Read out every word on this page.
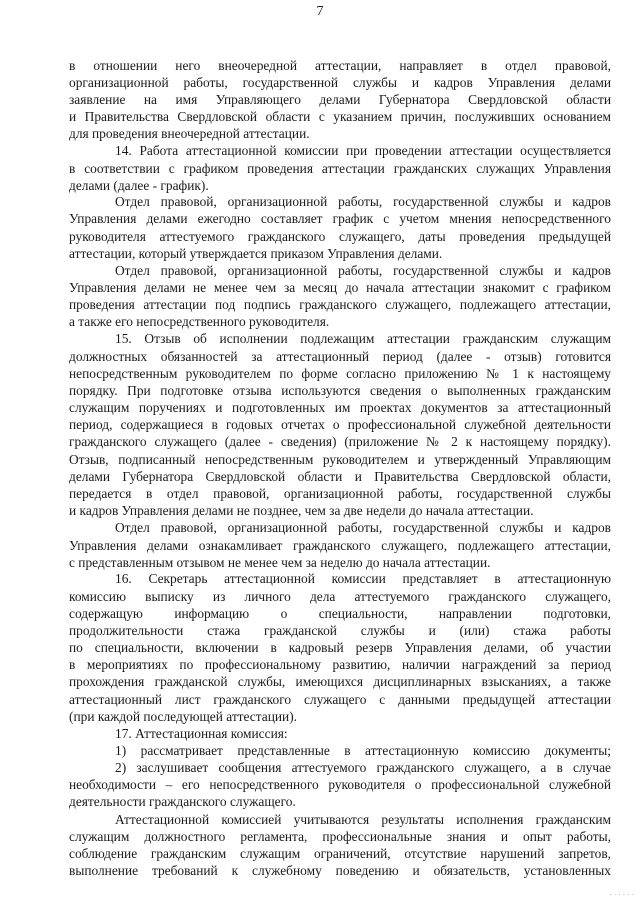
7
в отношении него внеочередной аттестации, направляет в отдел правовой,
организационной работы, государственной службы и кадров Управления делами
заявление на имя Управляющего делами Губернатора Свердловской области
и Правительства Свердловской области с указанием причин, послуживших основанием
для проведения внеочередной аттестации.
14. Работа аттестационной комиссии при проведении аттестации осуществляется
в соответствии с графиком проведения аттестации гражданских служащих Управления
делами (далее - график).
Отдел правовой, организационной работы, государственной службы и кадров
Управления делами ежегодно составляет график с учетом мнения непосредственного
руководителя аттестуемого гражданского служащего, даты проведения предыдущей
аттестации, который утверждается приказом Управления делами.
Отдел правовой, организационной работы, государственной службы и кадров
Управления делами не менее чем за месяц до начала аттестации знакомит с графиком
проведения аттестации под подпись гражданского служащего, подлежащего аттестации,
а также его непосредственного руководителя.
15. Отзыв об исполнении подлежащим аттестации гражданским служащим
должностных обязанностей за аттестационный период (далее - отзыв) готовится
непосредственным руководителем по форме согласно приложению № 1 к настоящему
порядку. При подготовке отзыва используются сведения о выполненных гражданским
служащим поручениях и подготовленных им проектах документов за аттестационный
период, содержащиеся в годовых отчетах о профессиональной служебной деятельности
гражданского служащего (далее - сведения) (приложение № 2 к настоящему порядку).
Отзыв, подписанный непосредственным руководителем и утвержденный Управляющим
делами Губернатора Свердловской области и Правительства Свердловской области,
передается в отдел правовой, организационной работы, государственной службы
и кадров Управления делами не позднее, чем за две недели до начала аттестации.
Отдел правовой, организационной работы, государственной службы и кадров
Управления делами ознакамливает гражданского служащего, подлежащего аттестации,
с представленным отзывом не менее чем за неделю до начала аттестации.
16. Секретарь аттестационной комиссии представляет в аттестационную
комиссию выписку из личного дела аттестуемого гражданского служащего,
содержащую информацию о специальности, направлении подготовки,
продолжительности стажа гражданской службы и (или) стажа работы
по специальности, включении в кадровый резерв Управления делами, об участии
в мероприятиях по профессиональному развитию, наличии награждений за период
прохождения гражданской службы, имеющихся дисциплинарных взысканиях, а также
аттестационный лист гражданского служащего с данными предыдущей аттестации
(при каждой последующей аттестации).
17. Аттестационная комиссия:
1) рассматривает представленные в аттестационную комиссию документы;
2) заслушивает сообщения аттестуемого гражданского служащего, а в случае
необходимости – его непосредственного руководителя о профессиональной служебной
деятельности гражданского служащего.
Аттестационной комиссией учитываются результаты исполнения гражданским
служащим должностного регламента, профессиональные знания и опыт работы,
соблюдение гражданским служащим ограничений, отсутствие нарушений запретов,
выполнение требований к служебному поведению и обязательств, установленных
· · · · · ·
